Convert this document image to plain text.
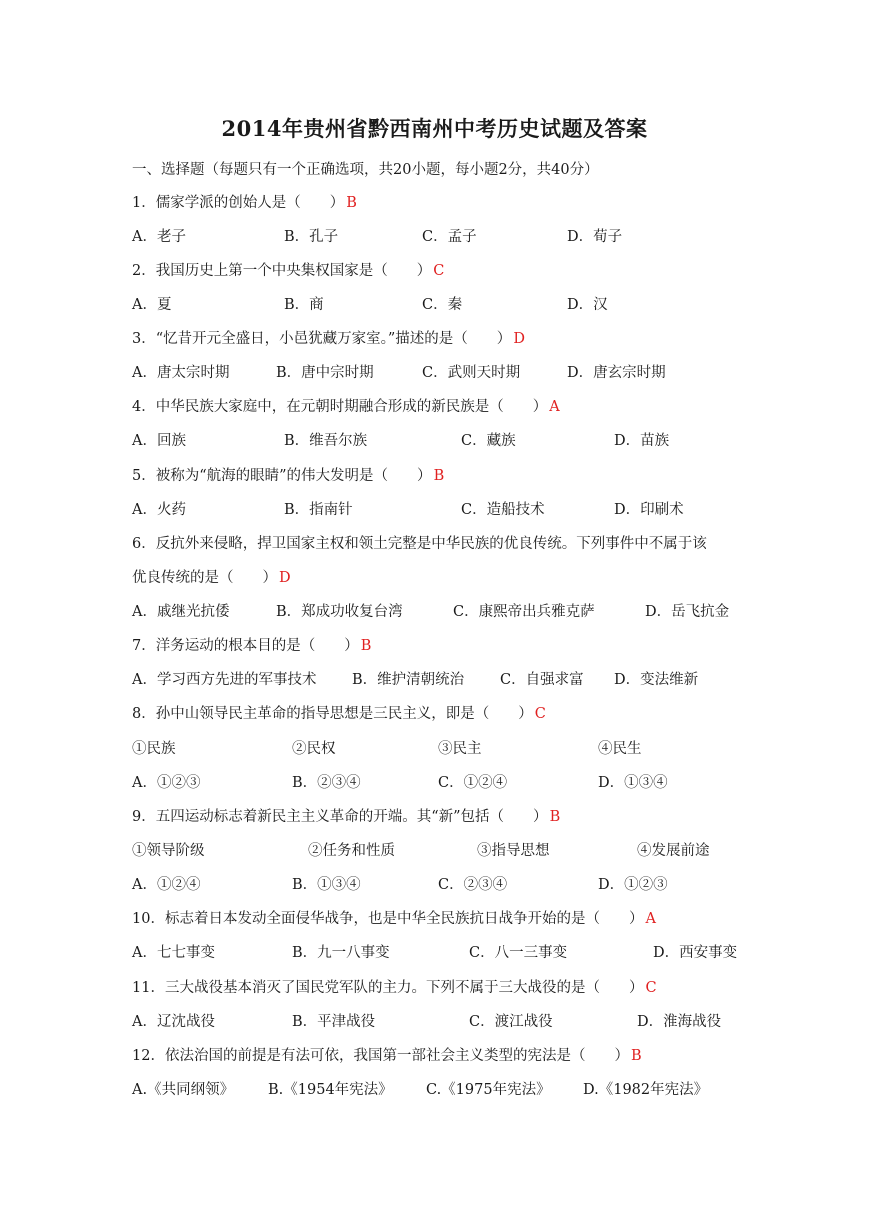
2014年贵州省黔西南州中考历史试题及答案
一、选择题（每题只有一个正确选项，共20小题，每小题2分，共40分）
1．儒家学派的创始人是（　　） B
A．老子	B．孔子	C．孟子	D．荀子
2．我国历史上第一个中央集权国家是（　　） C
A．夏	B．商	C．秦	D．汉
3．“忆昔开元全盛日，小邑犹藏万家室。”描述的是（　　） D
A．唐太宗时期	B．唐中宗时期	C．武则天时期	D．唐玄宗时期
4．中华民族大家庭中，在元朝时期融合形成的新民族是（　　） A
A．回族	B．维吾尔族	C．藏族	D．苗族
5．被称为“航海的眼睛”的伟大发明是（　　） B
A．火药	B．指南针	C．造船技术	D．印刷术
6．反抗外来侵略，捍卫国家主权和领土完整是中华民族的优良传统。下列事件中不属于该
优良传统的是（　　） D
A．戚继光抗倭	B．郑成功收复台湾	C．康熙帝出兵雅克萨	D．岳飞抗金
7．洋务运动的根本目的是（　　） B
A．学习西方先进的军事技术 B．维护清朝统治 C．自强求富 D．变法维新
8．孙中山领导民主革命的指导思想是三民主义，即是（　　） C
①民族	②民权	③民主	④民生
A．①②③	B．②③④	C．①②④	D．①③④
9．五四运动标志着新民主主义革命的开端。其“新”包括（　　） B
①领导阶级	②任务和性质	③指导思想	④发展前途
A．①②④	B．①③④	C．②③④	D．①②③
10．标志着日本发动全面侵华战争，也是中华全民族抗日战争开始的是（　　） A
A．七七事变	B．九一八事变	C．八一三事变	D．西安事变
11．三大战役基本消灭了国民党军队的主力。下列不属于三大战役的是（　　） C
A．辽沈战役	B．平津战役	C．渡江战役	D．淮海战役
12．依法治国的前提是有法可依，我国第一部社会主义类型的宪法是（　　） B
A.《共同纲领》 B.《1954年宪法》 C.《1975年宪法》 D.《1982年宪法》
